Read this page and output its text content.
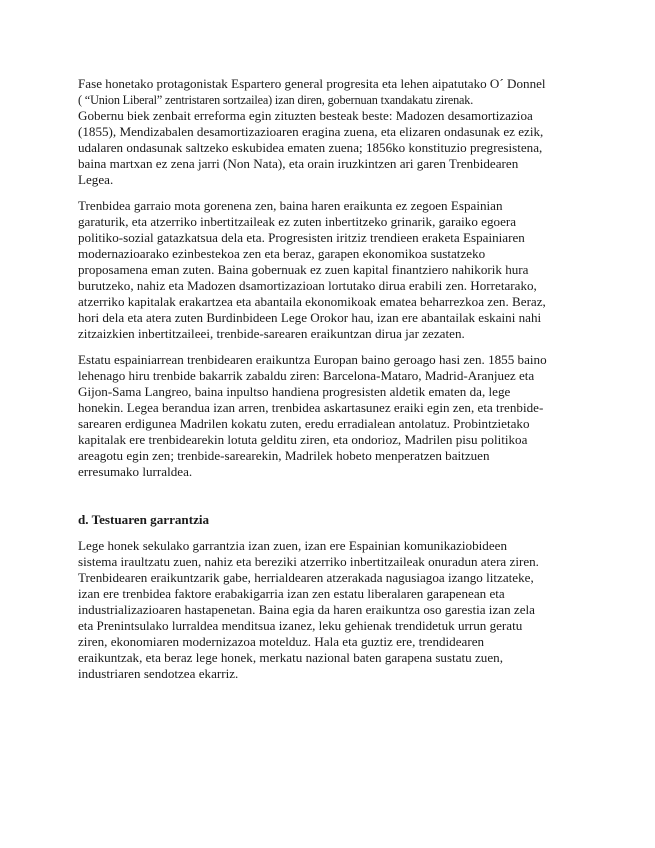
Fase honetako protagonistak Espartero general progresita eta lehen aipatutako O´ Donnel
( “Union Liberal” zentristaren sortzailea) izan diren, gobernuan txandakatu zirenak.
Gobernu biek zenbait erreforma egin zituzten besteak beste: Madozen desamortizazioa
(1855), Mendizabalen desamortizazioaren eragina zuena, eta elizaren ondasunak ez ezik,
udalaren ondasunak saltzeko eskubidea ematen zuena; 1856ko konstituzio pregresistena,
baina martxan ez zena jarri (Non Nata), eta orain iruzkintzen ari garen Trenbidearen
Legea.
Trenbidea garraio mota gorenena zen, baina haren eraikunta ez zegoen Espainian
garaturik, eta atzerriko inbertitzaileak ez zuten inbertitzeko grinarik, garaiko egoera
politiko-sozial gatazkatsua dela eta. Progresisten iritziz trendieen eraketa Espainiaren
modernazioarako ezinbestekoa zen eta beraz, garapen ekonomikoa sustatzeko
proposamena eman zuten. Baina gobernuak ez zuen kapital finantziero nahikorik hura
burutzeko, nahiz eta Madozen dsamortizazioan lortutako dirua erabili zen. Horretarako,
atzerriko kapitalak erakartzea eta abantaila ekonomikoak ematea beharrezkoa zen. Beraz,
hori dela eta atera zuten Burdinbideen Lege Orokor hau, izan ere abantailak eskaini nahi
zitzaizkien inbertitzaileei, trenbide-sarearen eraikuntzan dirua jar zezaten.
Estatu espainiarrean trenbidearen eraikuntza Europan baino geroago hasi zen. 1855 baino
lehenago hiru trenbide bakarrik zabaldu ziren: Barcelona-Mataro, Madrid-Aranjuez eta
Gijon-Sama Langreo, baina inpultso handiena progresisten aldetik ematen da, lege
honekin. Legea berandua izan arren, trenbidea askartasunez eraiki egin zen, eta trenbide-
sarearen erdigunea Madrilen kokatu zuten, eredu erradialean antolatuz. Probintzietako
kapitalak ere trenbidearekin lotuta gelditu ziren, eta ondorioz, Madrilen pisu politikoa
areagotu egin zen; trenbide-sarearekin, Madrilek hobeto menperatzen baitzuen
erresumako lurraldea.
d. Testuaren garrantzia
Lege honek sekulako garrantzia izan zuen, izan ere Espainian komunikaziobideen
sistema iraultzatu zuen, nahiz eta bereziki atzerriko inbertitzaileak onuradun atera ziren.
Trenbidearen eraikuntzarik gabe, herrialdearen atzerakada nagusiagoa izango litzateke,
izan ere trenbidea faktore erabakigarria izan zen estatu liberalaren garapenean eta
industrializazioaren hastapenetan. Baina egia da haren eraikuntza oso garestia izan zela
eta Prenintsulako lurraldea menditsua izanez, leku gehienak trendidetuk urrun geratu
ziren, ekonomiaren modernizazoa motelduz. Hala eta guztiz ere, trendidearen
eraikuntzak, eta beraz lege honek, merkatu nazional baten garapena sustatu zuen,
industriaren sendotzea ekarriz.
